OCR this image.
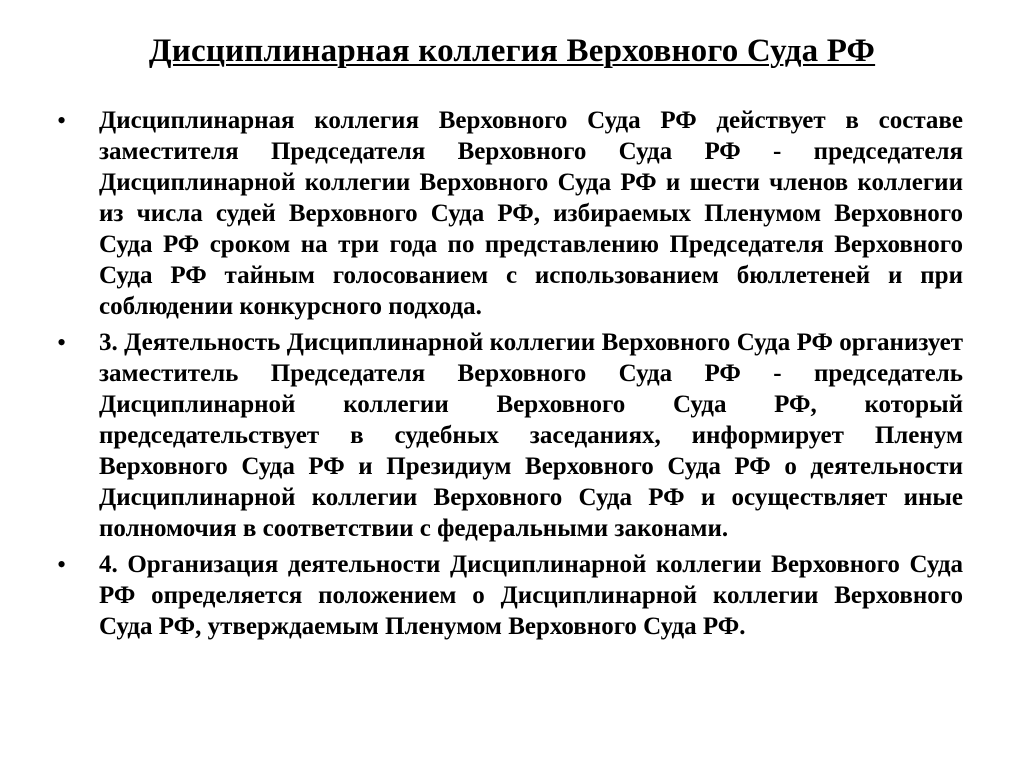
Дисциплинарная коллегия Верховного Суда РФ
• Дисциплинарная коллегия Верховного Суда РФ действует в составе заместителя Председателя Верховного Суда РФ - председателя Дисциплинарной коллегии Верховного Суда РФ и шести членов коллегии из числа судей Верховного Суда РФ, избираемых Пленумом Верховного Суда РФ сроком на три года по представлению Председателя Верховного Суда РФ тайным голосованием с использованием бюллетеней и при соблюдении конкурсного подхода.
• 3. Деятельность Дисциплинарной коллегии Верховного Суда РФ организует заместитель Председателя Верховного Суда РФ - председатель Дисциплинарной коллегии Верховного Суда РФ, который председательствует в судебных заседаниях, информирует Пленум Верховного Суда РФ и Президиум Верховного Суда РФ о деятельности Дисциплинарной коллегии Верховного Суда РФ и осуществляет иные полномочия в соответствии с федеральными законами.
• 4. Организация деятельности Дисциплинарной коллегии Верховного Суда РФ определяется положением о Дисциплинарной коллегии Верховного Суда РФ, утверждаемым Пленумом Верховного Суда РФ.
